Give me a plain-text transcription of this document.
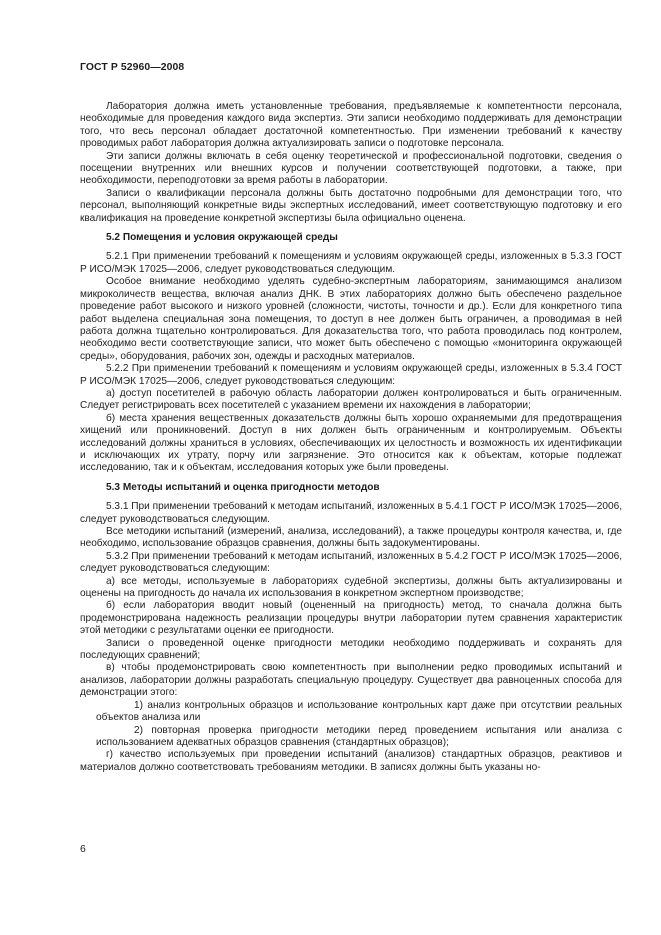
ГОСТ Р 52960—2008

Лаборатория должна иметь установленные требования, предъявляемые к компетентности персонала, необходимые для проведения каждого вида экспертиз. Эти записи необходимо поддерживать для демонстрации того, что весь персонал обладает достаточной компетентностью. При изменении требований к качеству проводимых работ лаборатория должна актуализировать записи о подготовке персонала.

Эти записи должны включать в себя оценку теоретической и профессиональной подготовки, сведения о посещении внутренних или внешних курсов и получении соответствующей подготовки, а также, при необходимости, переподготовки за время работы в лаборатории.

Записи о квалификации персонала должны быть достаточно подробными для демонстрации того, что персонал, выполняющий конкретные виды экспертных исследований, имеет соответствующую подготовку и его квалификация на проведение конкретной экспертизы была официально оценена.

5.2 Помещения и условия окружающей среды

5.2.1 При применении требований к помещениям и условиям окружающей среды, изложенных в 5.3.3 ГОСТ Р ИСО/МЭК 17025—2006, следует руководствоваться следующим.

Особое внимание необходимо уделять судебно-экспертным лабораториям, занимающимся анализом микроколичеств вещества, включая анализ ДНК. В этих лабораториях должно быть обеспечено раздельное проведение работ высокого и низкого уровней (сложности, чистоты, точности и др.). Если для конкретного типа работ выделена специальная зона помещения, то доступ в нее должен быть ограничен, а проводимая в ней работа должна тщательно контролироваться. Для доказательства того, что работа проводилась под контролем, необходимо вести соответствующие записи, что может быть обеспечено с помощью «мониторинга окружающей среды», оборудования, рабочих зон, одежды и расходных материалов.

5.2.2 При применении требований к помещениям и условиям окружающей среды, изложенных в 5.3.4 ГОСТ Р ИСО/МЭК 17025—2006, следует руководствоваться следующим:

а) доступ посетителей в рабочую область лаборатории должен контролироваться и быть ограниченным. Следует регистрировать всех посетителей с указанием времени их нахождения в лаборатории;

б) места хранения вещественных доказательств должны быть хорошо охраняемыми для предотвращения хищений или проникновений. Доступ в них должен быть ограниченным и контролируемым. Объекты исследований должны храниться в условиях, обеспечивающих их целостность и возможность их идентификации и исключающих их утрату, порчу или загрязнение. Это относится как к объектам, которые подлежат исследованию, так и к объектам, исследования которых уже были проведены.

5.3 Методы испытаний и оценка пригодности методов

5.3.1 При применении требований к методам испытаний, изложенных в 5.4.1 ГОСТ Р ИСО/МЭК 17025—2006, следует руководствоваться следующим.

Все методики испытаний (измерений, анализа, исследований), а также процедуры контроля качества, и, где необходимо, использование образцов сравнения, должны быть задокументированы.

5.3.2 При применении требований к методам испытаний, изложенных в 5.4.2 ГОСТ Р ИСО/МЭК 17025—2006, следует руководствоваться следующим:

а) все методы, используемые в лабораториях судебной экспертизы, должны быть актуализированы и оценены на пригодность до начала их использования в конкретном экспертном производстве;

б) если лаборатория вводит новый (оцененный на пригодность) метод, то сначала должна быть продемонстрирована надежность реализации процедуры внутри лаборатории путем сравнения характеристик этой методики с результатами оценки ее пригодности.

Записи о проведенной оценке пригодности методики необходимо поддерживать и сохранять для последующих сравнений;

в) чтобы продемонстрировать свою компетентность при выполнении редко проводимых испытаний и анализов, лаборатории должны разработать специальную процедуру. Существует два равноценных способа для демонстрации этого:

1) анализ контрольных образцов и использование контрольных карт даже при отсутствии реальных объектов анализа или

2) повторная проверка пригодности методики перед проведением испытания или анализа с использованием адекватных образцов сравнения (стандартных образцов);

г) качество используемых при проведении испытаний (анализов) стандартных образцов, реактивов и материалов должно соответствовать требованиям методики. В записях должны быть указаны но-

6
